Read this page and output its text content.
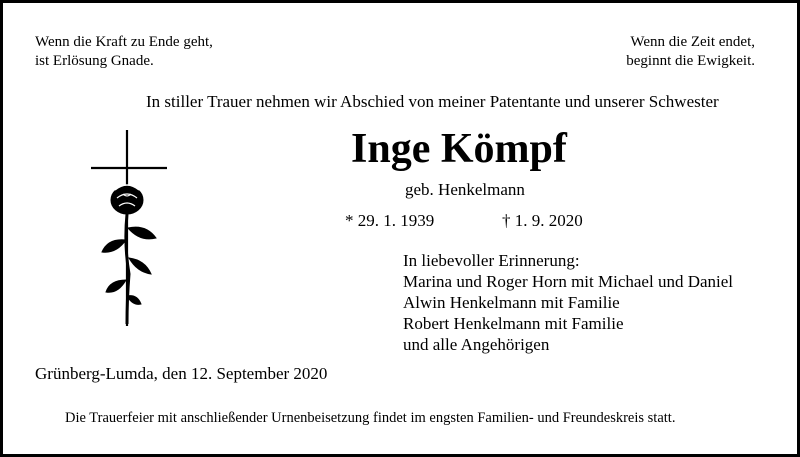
Wenn die Kraft zu Ende geht,
ist Erlösung Gnade.
Wenn die Zeit endet,
beginnt die Ewigkeit.
In stiller Trauer nehmen wir Abschied von meiner Patentante und unserer Schwester
Inge Kömpf
geb. Henkelmann
* 29. 1. 1939	† 1. 9. 2020
In liebevoller Erinnerung:
Marina und Roger Horn mit Michael und Daniel
Alwin Henkelmann mit Familie
Robert Henkelmann mit Familie
und alle Angehörigen
Grünberg-Lumda, den 12. September 2020
Die Trauerfeier mit anschließender Urnenbeisetzung findet im engsten Familien- und Freundeskreis statt.
